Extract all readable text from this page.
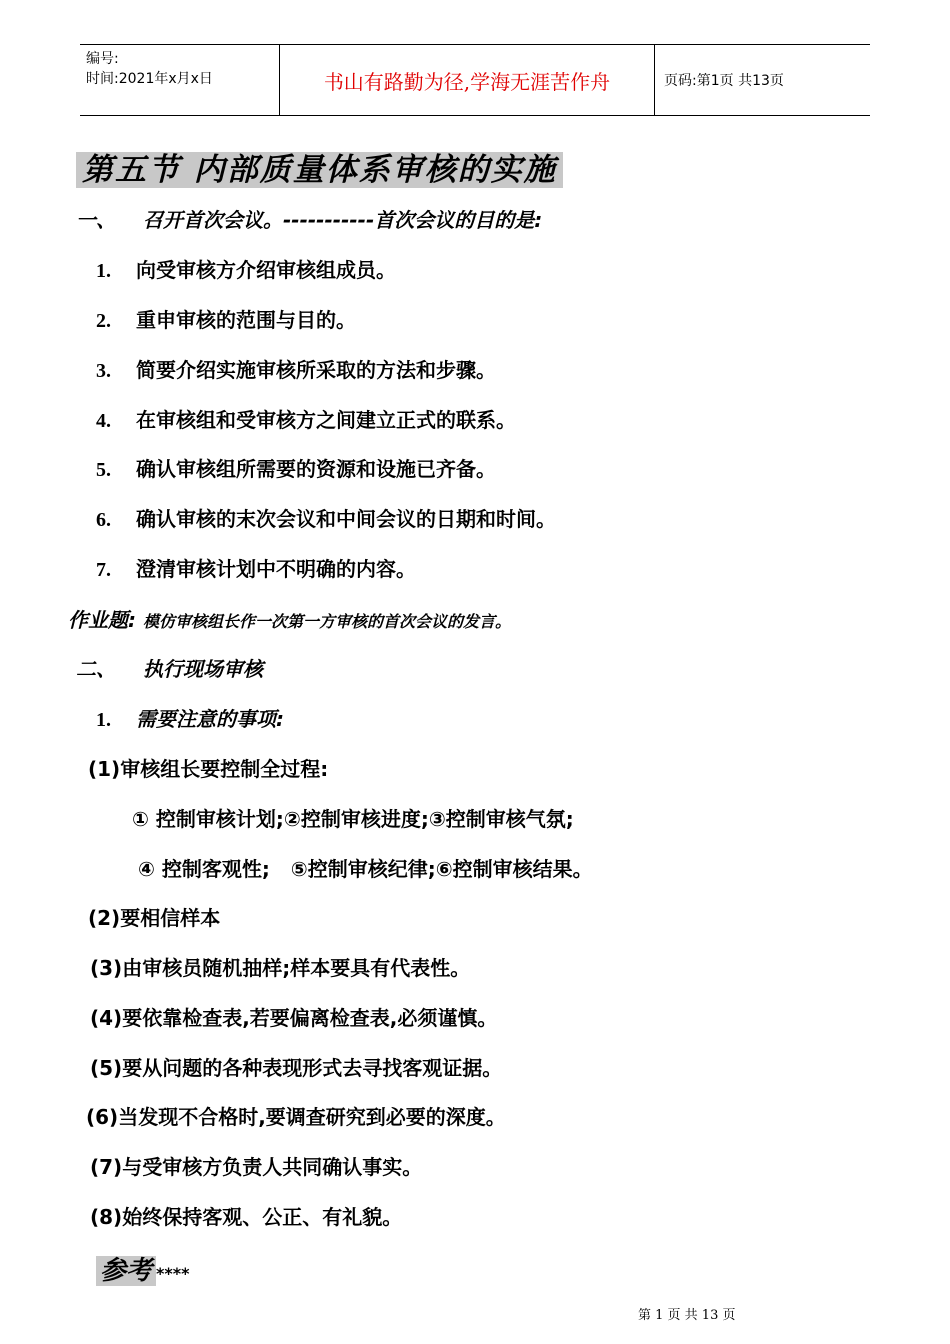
编号:
时间:2021年x月x日	书山有路勤为径,学海无涯苦作舟	页码:第1页 共13页
第五节 内部质量体系审核的实施
一、 召开首次会议。-----------首次会议的目的是:
1. 向受审核方介绍审核组成员。
2. 重申审核的范围与目的。
3. 简要介绍实施审核所采取的方法和步骤。
4. 在审核组和受审核方之间建立正式的联系。
5. 确认审核组所需要的资源和设施已齐备。
6. 确认审核的末次会议和中间会议的日期和时间。
7. 澄清审核计划中不明确的内容。
作业题: 模仿审核组长作一次第一方审核的首次会议的发言。
二、 执行现场审核
1. 需要注意的事项:
(1)审核组长要控制全过程:
① 控制审核计划;②控制审核进度;③控制审核气氛;
④ 控制客观性;   ⑤控制审核纪律;⑥控制审核结果。
(2)要相信样本
(3)由审核员随机抽样;样本要具有代表性。
(4)要依靠检查表,若要偏离检查表,必须谨慎。
(5)要从问题的各种表现形式去寻找客观证据。
(6)当发现不合格时,要调查研究到必要的深度。
(7)与受审核方负责人共同确认事实。
(8)始终保持客观、公正、有礼貌。
参考 ****
第 1 页 共 13 页
